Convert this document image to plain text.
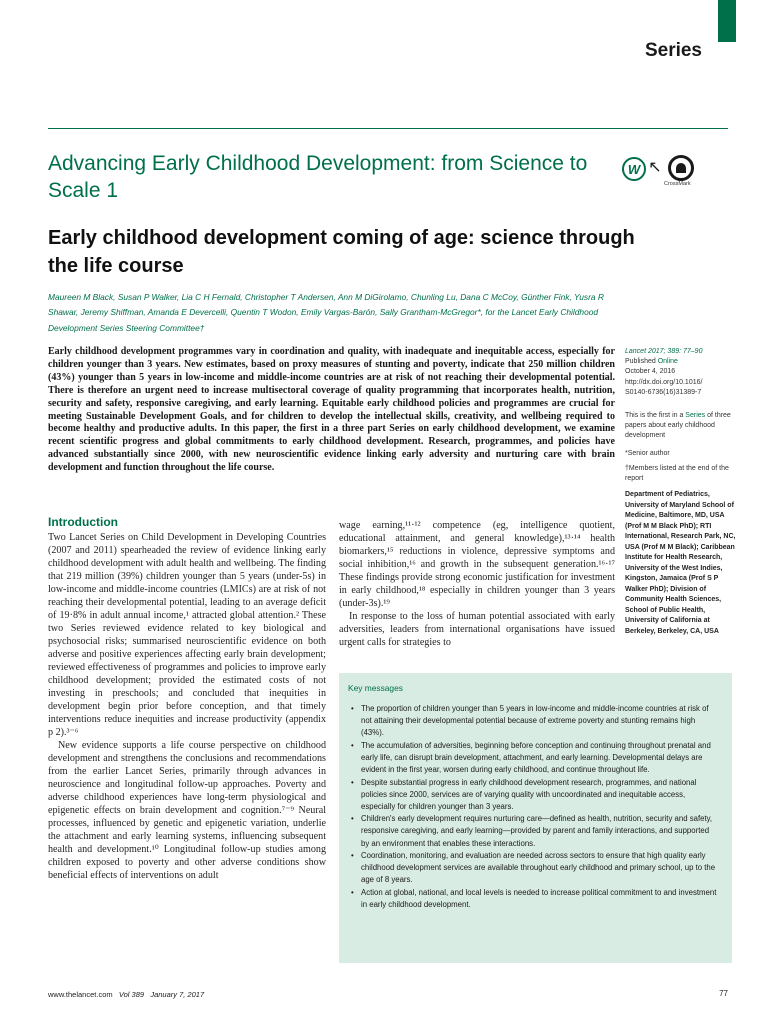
Series
Advancing Early Childhood Development: from Science to Scale 1
W ↖
CrossMark
Early childhood development coming of age: science through the life course
Maureen M Black, Susan P Walker, Lia C H Fernald, Christopher T Andersen, Ann M DiGirolamo, Chunling Lu, Dana C McCoy, Günther Fink, Yusra R Shawar, Jeremy Shiffman, Amanda E Devercelli, Quentin T Wodon, Emily Vargas-Barón, Sally Grantham-McGregor*, for the Lancet Early Childhood Development Series Steering Committee†

Early childhood development programmes vary in coordination and quality, with inadequate and inequitable access, especially for children younger than 3 years. New estimates, based on proxy measures of stunting and poverty, indicate that 250 million children (43%) younger than 5 years in low-income and middle-income countries are at risk of not reaching their developmental potential. There is therefore an urgent need to increase multisectoral coverage of quality programming that incorporates health, nutrition, security and safety, responsive caregiving, and early learning. Equitable early childhood policies and programmes are crucial for meeting Sustainable Development Goals, and for children to develop the intellectual skills, creativity, and wellbeing required to become healthy and productive adults. In this paper, the first in a three part Series on early childhood development, we examine recent scientific progress and global commitments to early childhood development. Research, programmes, and policies have advanced substantially since 2000, with new neuroscientific evidence linking early adversity and nurturing care with brain development and function throughout the life course.

Lancet 2017; 389: 77–90
Published Online
October 4, 2016
http://dx.doi.org/10.1016/
S0140-6736(16)31389-7
This is the first in a Series of three papers about early childhood development
*Senior author
†Members listed at the end of the report
Department of Pediatrics, University of Maryland School of Medicine, Baltimore, MD, USA (Prof M M Black PhD); RTI International, Research Park, NC, USA (Prof M M Black); Caribbean Institute for Health Research, University of the West Indies, Kingston, Jamaica (Prof S P Walker PhD); Division of Community Health Sciences, School of Public Health, University of California at Berkeley, Berkeley, CA, USA
Introduction

Two Lancet Series on Child Development in Developing Countries (2007 and 2011) spearheaded the review of evidence linking early childhood development with adult health and wellbeing. The finding that 219 million (39%) children younger than 5 years (under-5s) in low-income and middle-income countries (LMICs) are at risk of not reaching their developmental potential, leading to an average deficit of 19·8% in adult annual income,¹ attracted global attention.² These two Series reviewed evidence related to key biological and psychosocial risks; summarised neuroscientific evidence on both adverse and positive experiences affecting early brain development; reviewed effectiveness of programmes and policies to improve early childhood development; provided the estimated costs of not investing in preschools; and concluded that inequities in development begin prior before conception, and that timely interventions reduce inequities and increase productivity (appendix p 2).³⁻⁶

New evidence supports a life course perspective on childhood development and strengthens the conclusions and recommendations from the earlier Lancet Series, primarily through advances in neuroscience and longitudinal follow-up approaches. Poverty and adverse childhood experiences have long-term physiological and epigenetic effects on brain development and cognition.⁷⁻⁹ Neural processes, influenced by genetic and epigenetic variation, underlie the attachment and early learning systems, influencing subsequent health and development.¹⁰ Longitudinal follow-up studies among children exposed to poverty and other adverse conditions show beneficial effects of interventions on adult

wage earning,¹¹·¹² competence (eg, intelligence quotient, educational attainment, and general knowledge),¹³·¹⁴ health biomarkers,¹⁵ reductions in violence, depressive symptoms and social inhibition,¹⁶ and growth in the subsequent generation.¹⁶·¹⁷ These findings provide strong economic justification for investment in early childhood,¹⁸ especially in children younger than 3 years (under-3s).¹⁹

In response to the loss of human potential associated with early adversities, leaders from international organisations have issued urgent calls for strategies to

Key messages
• The proportion of children younger than 5 years in low-income and middle-income countries at risk of not attaining their developmental potential because of extreme poverty and stunting remains high (43%).
• The accumulation of adversities, beginning before conception and continuing throughout prenatal and early life, can disrupt brain development, attachment, and early learning. Developmental delays are evident in the first year, worsen during early childhood, and continue throughout life.
• Despite substantial progress in early childhood development research, programmes, and national policies since 2000, services are of varying quality with uncoordinated and inequitable access, especially for children younger than 3 years.
• Children's early development requires nurturing care—defined as health, nutrition, security and safety, responsive caregiving, and early learning—provided by parent and family interactions, and supported by an environment that enables these interactions.
• Coordination, monitoring, and evaluation are needed across sectors to ensure that high quality early childhood development services are available throughout early childhood and primary school, up to the age of 8 years.
• Action at global, national, and local levels is needed to increase political commitment to and investment in early childhood development.
www.thelancet.com Vol 389 January 7, 2017	77
